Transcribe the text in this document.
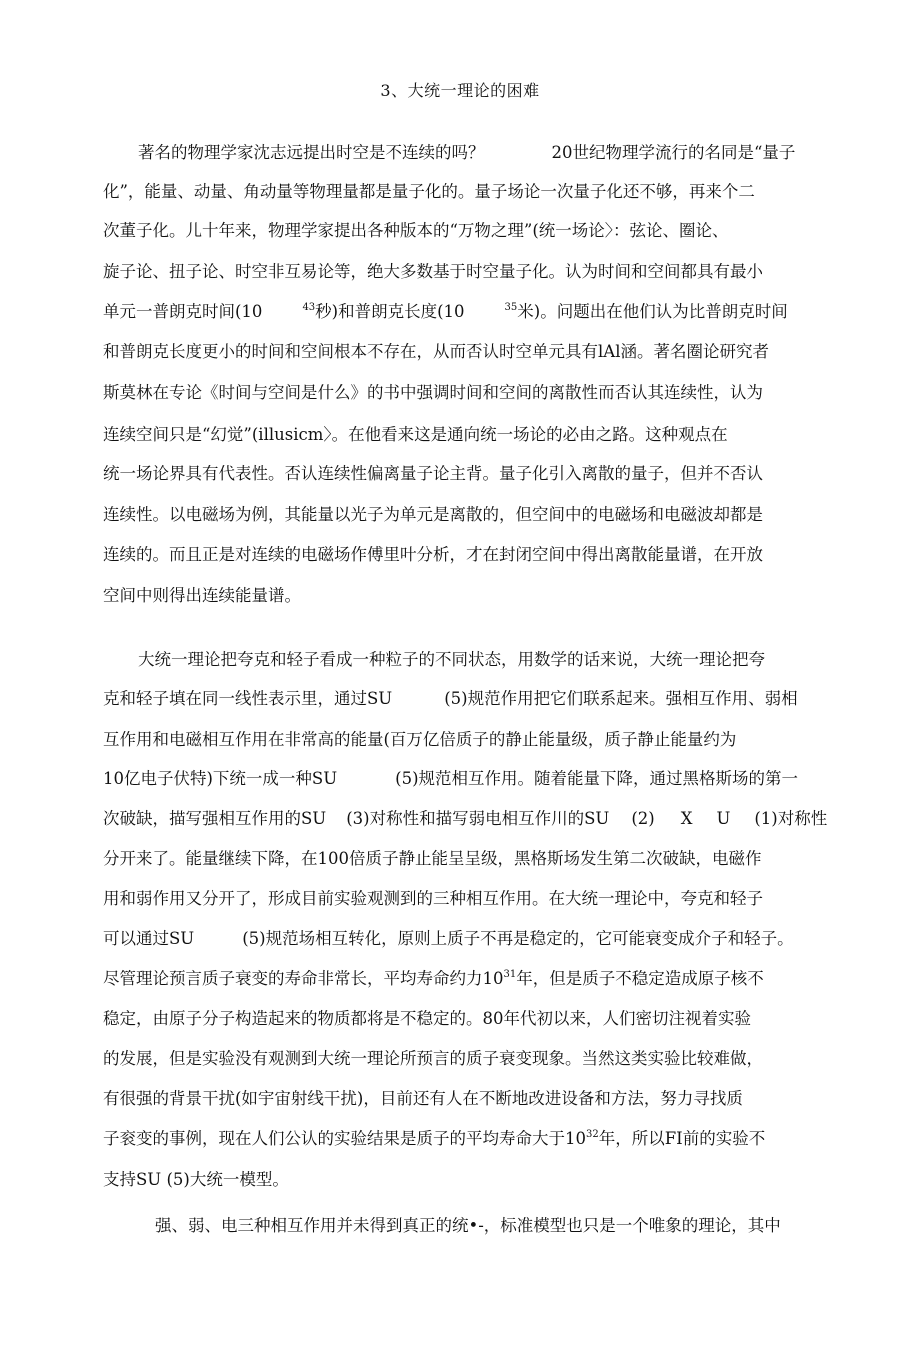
3、大统一理论的困难
著名的物理学家沈志远提出时空是不连续的吗？	20世纪物理学流行的名同是“量子
化”，能量、动量、角动量等物理量都是量子化的。量子场论一次量子化还不够，再来个二
次董子化。儿十年来，物理学家提出各种版本的“万物之理”(统一场论〉：弦论、圈论、
旋子论、扭子论、时空非互易论等，绝大多数基于时空量子化。认为时间和空间都具有最小
单元一普朗克时间(10	$^{43}$秒)和普朗克长度(10	$^{35}$米)。问题出在他们认为比普朗克时间
和普朗克长度更小的时间和空间根本不存在，从而否认时空单元具有lAl涵。著名圈论研究者
斯莫林在专论《时间与空间是什么》的书中强调时间和空间的离散性而否认其连续性，认为
连续空间只是“幻觉”(illusicm〉。在他看来这是通向统一场论的必由之路。这种观点在
统一场论界具有代表性。否认连续性偏离量子论主背。量子化引入离散的量子，但并不否认
连续性。以电磁场为例，其能量以光子为单元是离散的，但空间中的电磁场和电磁波却都是
连续的。而且正是对连续的电磁场作傅里叶分析，才在封闭空间中得出离散能量谱，在开放
空间中则得出连续能量谱。
大统一理论把夸克和轻子看成一种粒子的不同状态，用数学的话来说，大统一理论把夸
克和轻子填在同一线性表示里，通过SU	(5)规范作用把它们联系起来。强相互作用、弱相
互作用和电磁相互作用在非常高的能量(百万亿倍质子的静止能量级，质子静止能量约为
10亿电子伏特)下统一成一种SU	(5)规范相互作用。随着能量下降，通过黑格斯场的第一
次破缺，描写强相互作用的SU (3)对称性和描写弱电相互作川的SU (2) X U (1)对称性
分开来了。能量继续下降，在100倍质子静止能呈呈级，黑格斯场发生第二次破缺，电磁作
用和弱作用又分开了，形成目前实验观测到的三种相互作用。在大统一理论中，夸克和轻子
可以通过SU	(5)规范场相互转化，原则上质子不再是稳定的，它可能衰变成介子和轻子。
尽管理论预言质子衰变的寿命非常长，平均寿命约力$10^{31}$年，但是质子不稳定造成原子核不
稳定，由原子分子构造起来的物质都将是不稳定的。80年代初以来，人们密切注视着实验
的发展，但是实验没有观测到大统一理论所预言的质子衰变现象。当然这类实验比较难做，
有很强的背景干扰(如宇宙射线干扰)，目前还有人在不断地改进设备和方法，努力寻找质
子衮变的事例，现在人们公认的实验结果是质子的平均寿命大于$10^{32}$年，所以FI前的实验不
支持SU (5)大统一模型。
强、弱、电三种相互作用并未得到真正的统•-，标准模型也只是一个唯象的理论，其中
